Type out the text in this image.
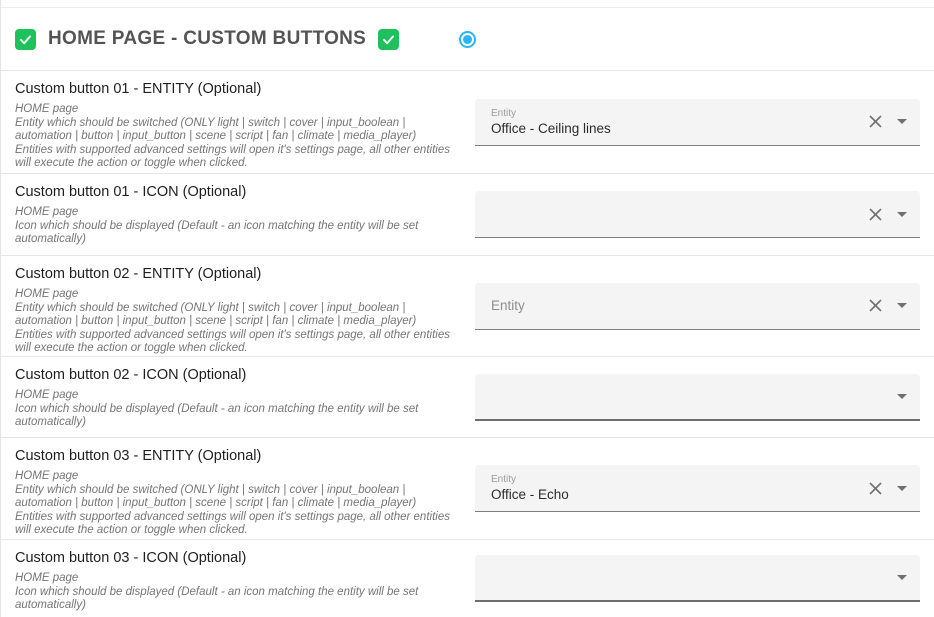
HOME PAGE - CUSTOM BUTTONS
Custom button 01 - ENTITY (Optional)
HOME page
Entity which should be switched (ONLY light | switch | cover | input_boolean | automation | button | input_button | scene | script | fan | climate | media_player)
Entities with supported advanced settings will open it's settings page, all other entities will execute the action or toggle when clicked.
Entity
Office - Ceiling lines
Custom button 01 - ICON (Optional)
HOME page
Icon which should be displayed (Default - an icon matching the entity will be set automatically)
Custom button 02 - ENTITY (Optional)
HOME page
Entity which should be switched (ONLY light | switch | cover | input_boolean | automation | button | input_button | scene | script | fan | climate | media_player)
Entities with supported advanced settings will open it's settings page, all other entities will execute the action or toggle when clicked.
Entity
Custom button 02 - ICON (Optional)
HOME page
Icon which should be displayed (Default - an icon matching the entity will be set automatically)
Custom button 03 - ENTITY (Optional)
HOME page
Entity which should be switched (ONLY light | switch | cover | input_boolean | automation | button | input_button | scene | script | fan | climate | media_player)
Entities with supported advanced settings will open it's settings page, all other entities will execute the action or toggle when clicked.
Entity
Office - Echo
Custom button 03 - ICON (Optional)
HOME page
Icon which should be displayed (Default - an icon matching the entity will be set automatically)
